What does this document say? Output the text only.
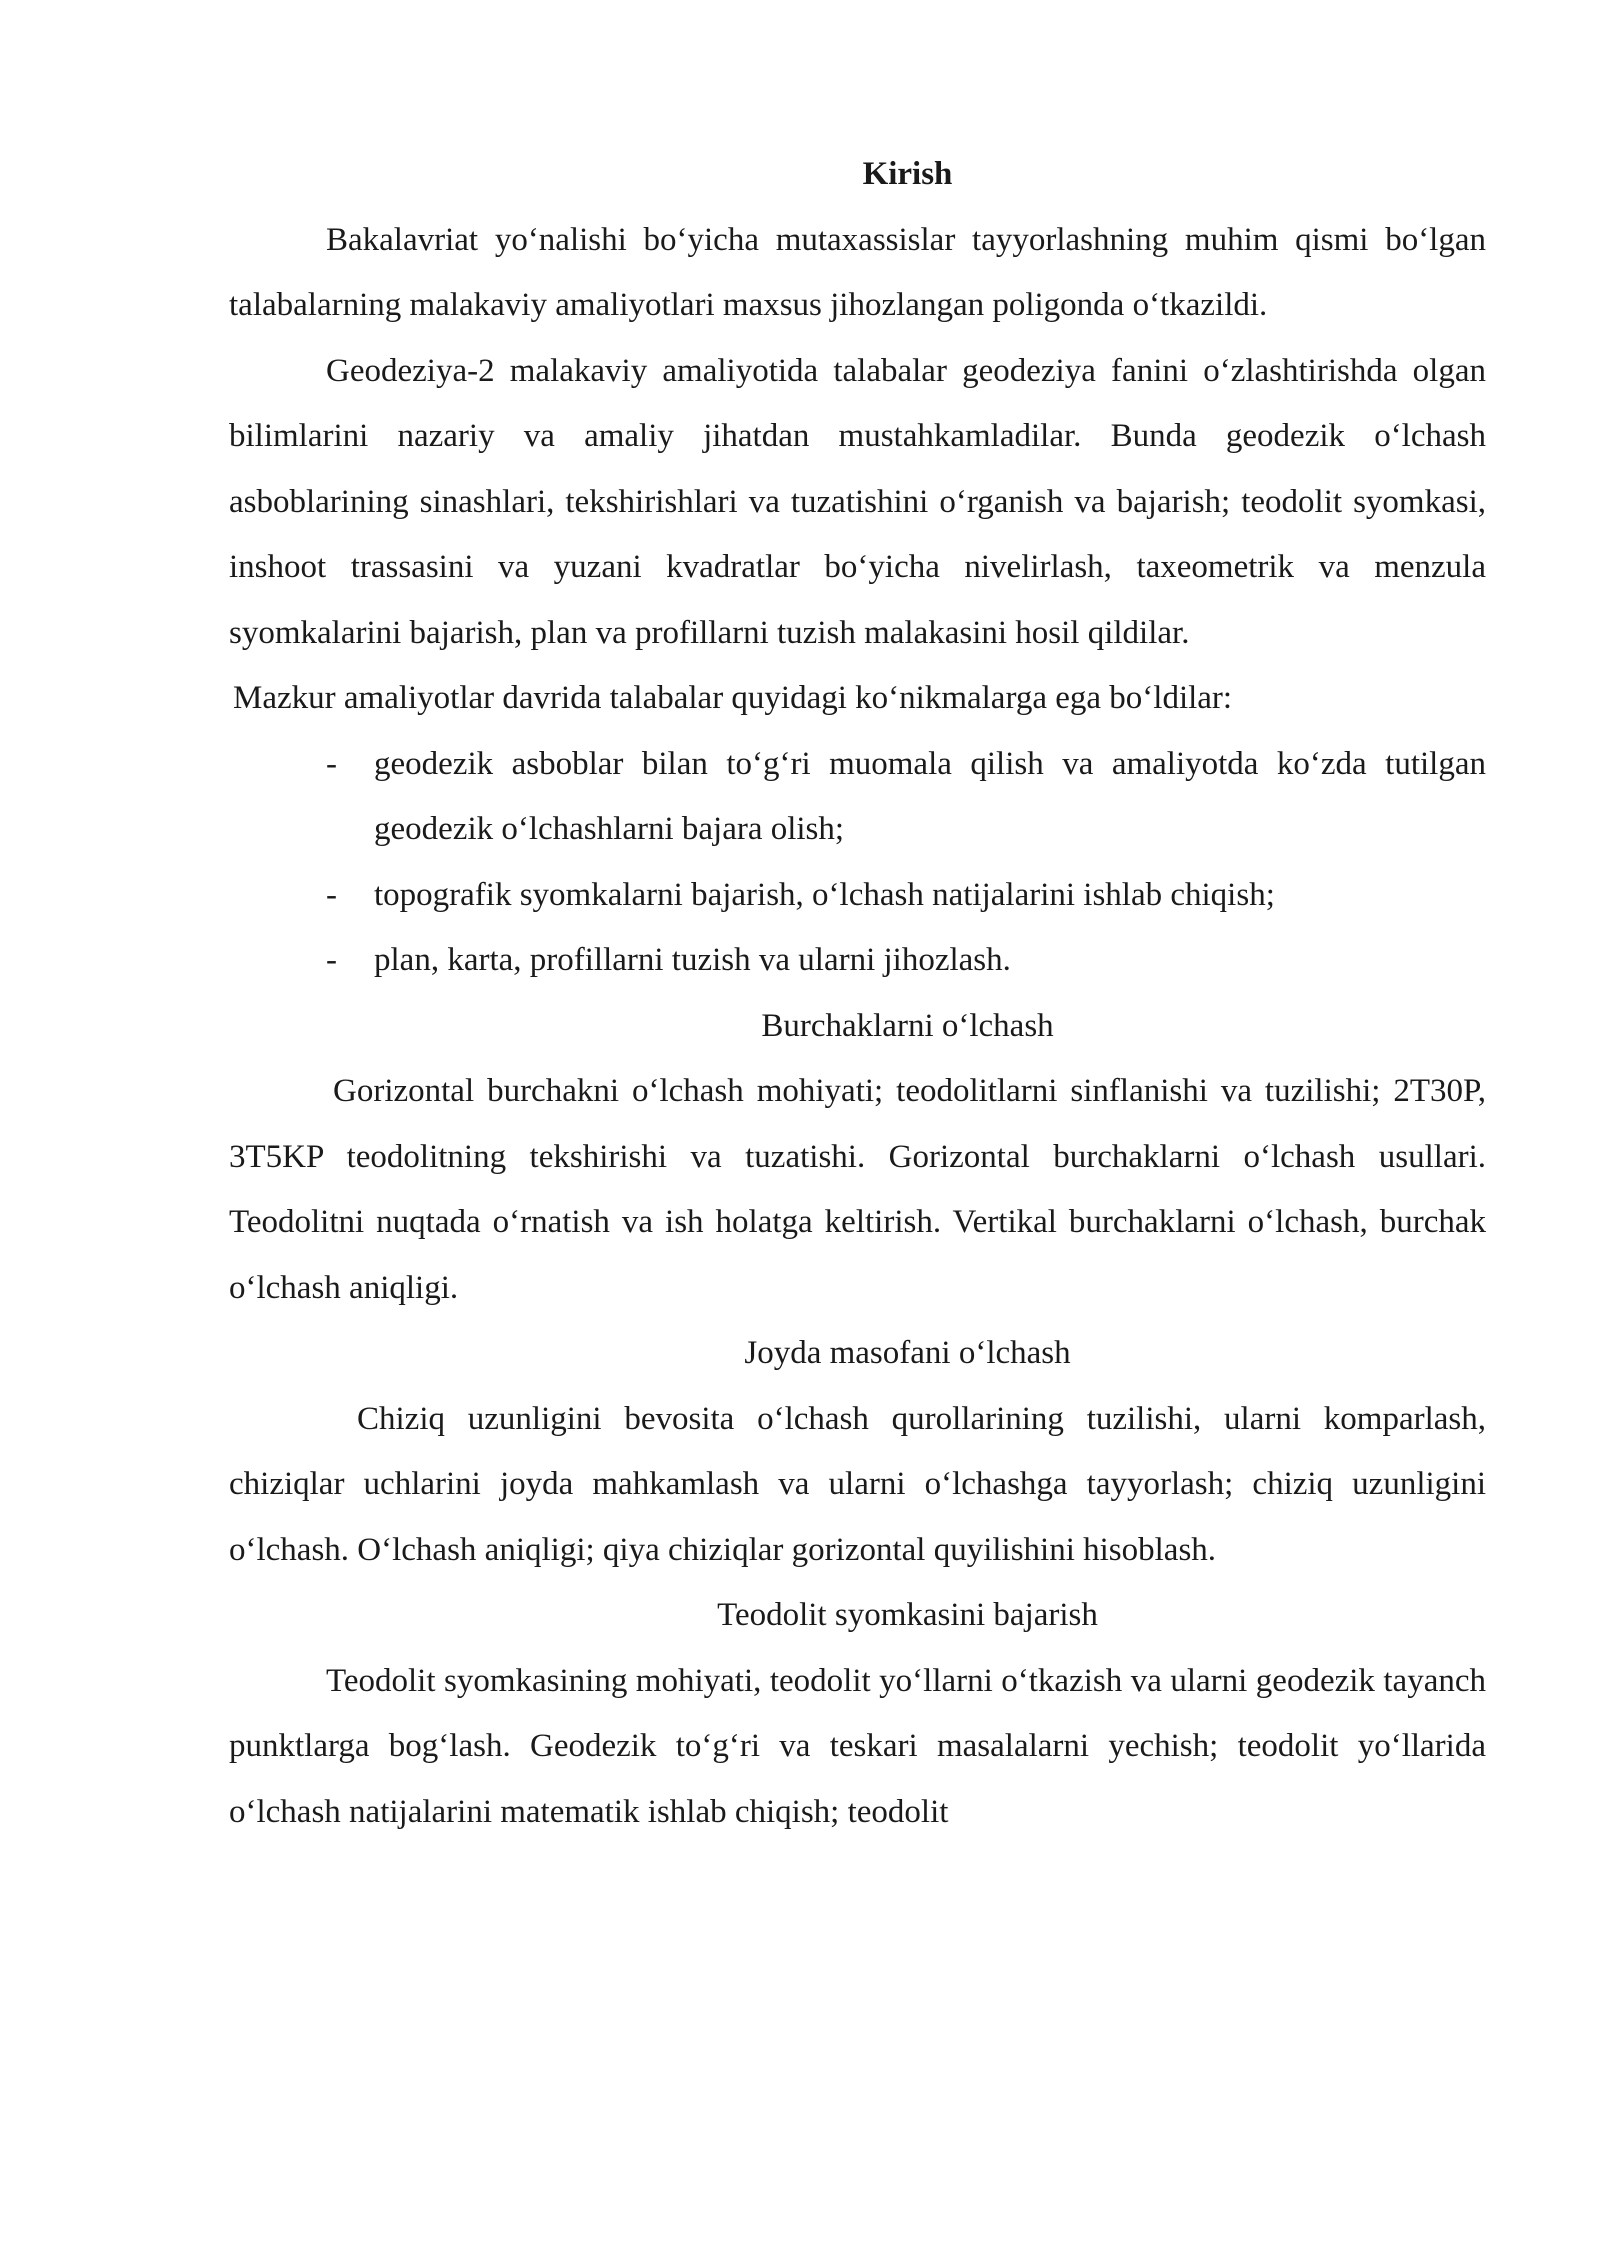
Kirish

Bakalavriat yo‘nalishi bo‘yicha mutaxassislar tayyorlashning muhim qismi bo‘lgan talabalarning malakaviy amaliyotlari maxsus jihozlangan poligonda o‘tkazildi.

Geodeziya-2 malakaviy amaliyotida talabalar geodeziya fanini o‘zlashtirishda olgan bilimlarini nazariy va amaliy jihatdan mustahkamladilar. Bunda geodezik o‘lchash asboblarining sinashlari, tekshirishlari va tuzatishini o‘rganish va bajarish; teodolit syomkasi, inshoot trassasini va yuzani kvadratlar bo‘yicha nivelirlash, taxeometrik va menzula syomkalarini bajarish, plan va profillarni tuzish malakasini hosil qildilar.

Mazkur amaliyotlar davrida talabalar quyidagi ko‘nikmalarga ega bo‘ldilar:

- geodezik asboblar bilan to‘g‘ri muomala qilish va amaliyotda ko‘zda tutilgan geodezik o‘lchashlarni bajara olish;
- topografik syomkalarni bajarish, o‘lchash natijalarini ishlab chiqish;
- plan, karta, profillarni tuzish va ularni jihozlash.
Burchaklarni o‘lchash

Gorizontal burchakni o‘lchash mohiyati; teodolitlarni sinflanishi va tuzilishi; 2T30P, 3T5KP teodolitning tekshirishi va tuzatishi. Gorizontal burchaklarni o‘lchash usullari. Teodolitni nuqtada o‘rnatish va ish holatga keltirish. Vertikal burchaklarni o‘lchash, burchak o‘lchash aniqligi.

Joyda masofani o‘lchash

Chiziq uzunligini bevosita o‘lchash qurollarining tuzilishi, ularni komparlash, chiziqlar uchlarini joyda mahkamlash va ularni o‘lchashga tayyorlash; chiziq uzunligini o‘lchash. O‘lchash aniqligi; qiya chiziqlar gorizontal quyilishini hisoblash.

Teodolit syomkasini bajarish

Teodolit syomkasining mohiyati, teodolit yo‘llarni o‘tkazish va ularni geodezik tayanch punktlarga bog‘lash. Geodezik to‘g‘ri va teskari masalalarni yechish; teodolit yo‘llarida o‘lchash natijalarini matematik ishlab chiqish; teodolit
